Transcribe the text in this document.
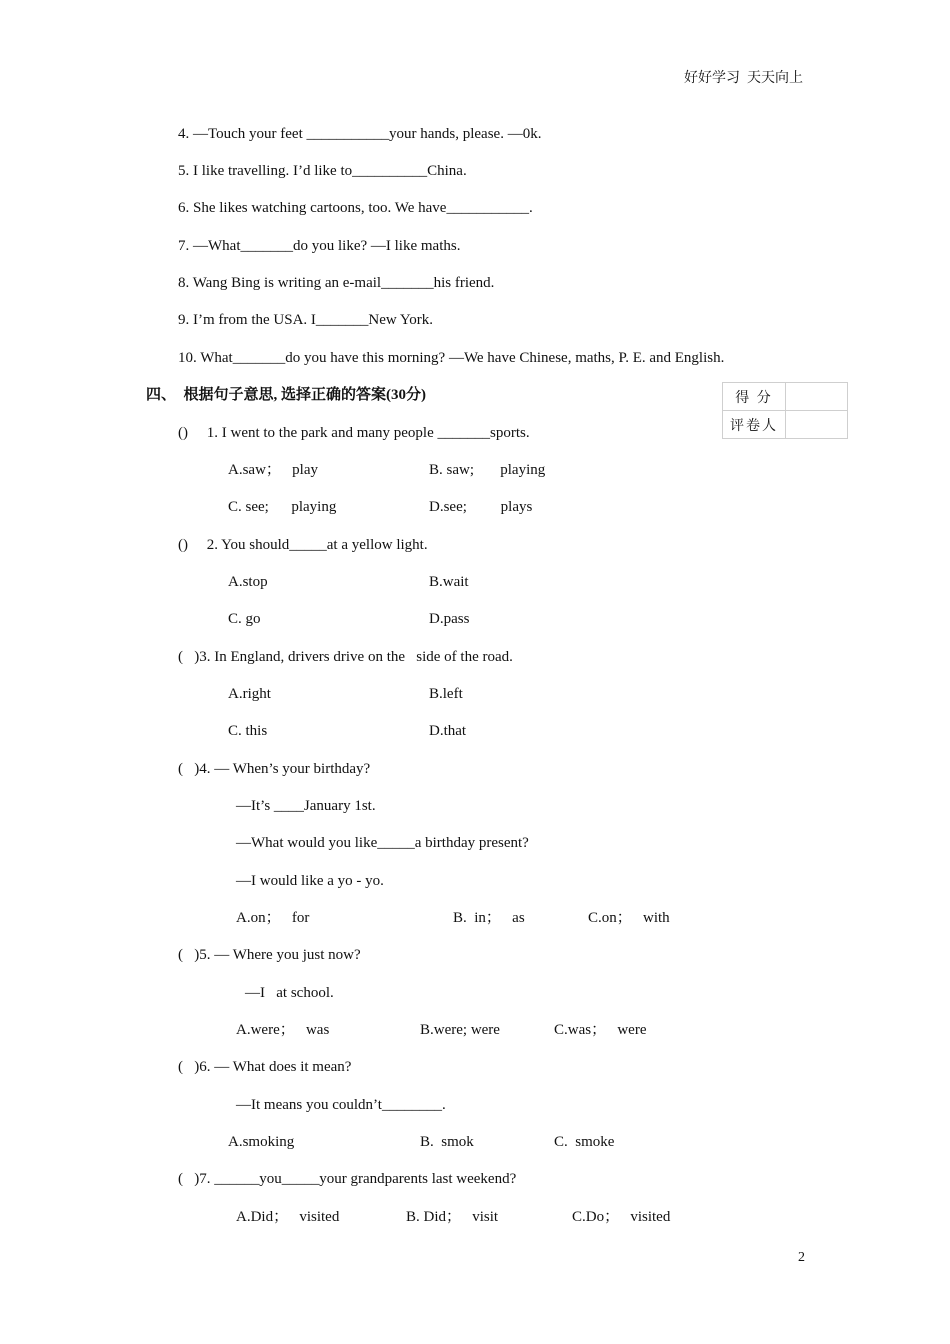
好好学习  天天向上
4. —Touch your feet ___________your hands, please. —0k.
5. I like travelling. I’d like to__________China.
6. She likes watching cartoons, too. We have___________.
7. —What_______do you like? —I like maths.
8. Wang Bing is writing an e-mail_______his friend.
9. I’m from the USA. I_______New York.
10. What_______do you have this morning? —We have Chinese, maths, P. E. and English.
四、  根据句子意思, 选择正确的答案(30分)	得 分	
评卷人	
()     1. I went to the park and many people _______sports.
A.saw；   play	B. saw;       playing
C. see;      playing	D.see;         plays
()     2. You should_____at a yellow light.
A.stop	B.wait
C. go	D.pass
(   )3. In England, drivers drive on the   side of the road.
A.right	B.left
C. this	D.that
(   )4. — When’s your birthday?
—It’s ____January 1st.
—What would you like_____a birthday present?
—I would like a yo - yo.
A.on；   for	B.  in；   as	C.on；   with
(   )5. — Where you just now?
—I   at school.
A.were；   was	B.were; were	C.was；   were
(   )6. — What does it mean?
—It means you couldn’t________.
A.smoking	B.  smok	C.  smoke
(   )7. ______you_____your grandparents last weekend?
A.Did；   visited	B. Did；   visit	C.Do；   visited
2
